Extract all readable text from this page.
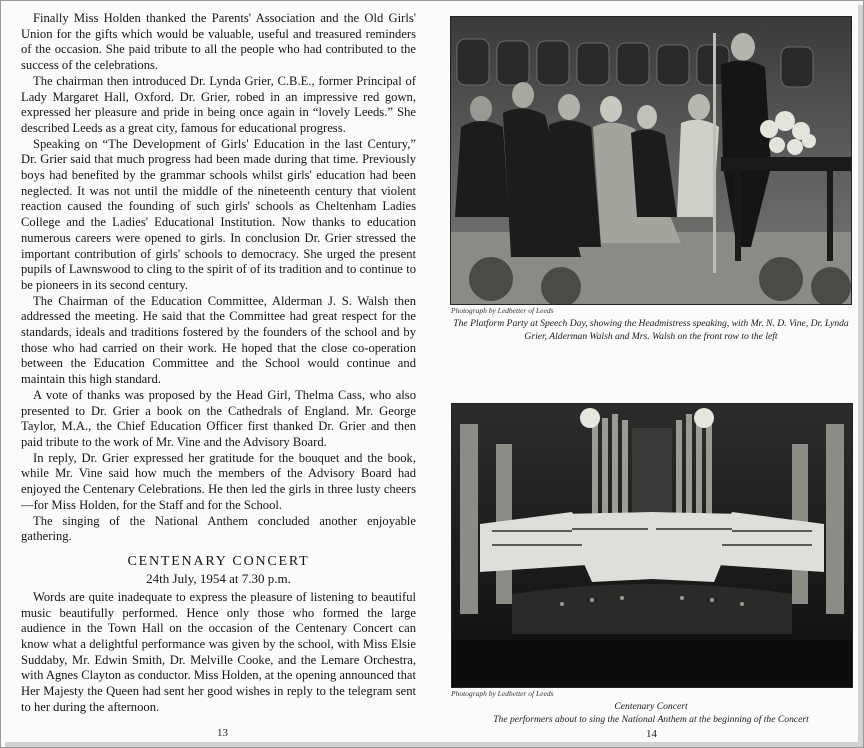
Finally Miss Holden thanked the Parents' Association and the Old Girls' Union for the gifts which would be valuable, useful and treasured reminders of the occasion. She paid tribute to all the people who had contributed to the success of the celebrations.

The chairman then introduced Dr. Lynda Grier, C.B.E., former Principal of Lady Margaret Hall, Oxford. Dr. Grier, robed in an impressive red gown, expressed her pleasure and pride in being once again in “lovely Leeds.” She described Leeds as a great city, famous for educational progress.

Speaking on “The Development of Girls' Education in the last Century,” Dr. Grier said that much progress had been made during that time. Previously boys had benefited by the grammar schools whilst girls' education had been neglected. It was not until the middle of the nineteenth century that violent reaction caused the founding of such girls' schools as Cheltenham Ladies College and the Ladies' Educational Institution. Now thanks to education numerous careers were opened to girls. In conclusion Dr. Grier stressed the important contribution of girls' schools to democracy. She urged the present pupils of Lawnswood to cling to the spirit of of its tradition and to continue to be pioneers in its second century.

The Chairman of the Education Committee, Alderman J. S. Walsh then addressed the meeting. He said that the Committee had great respect for the standards, ideals and traditions fostered by the founders of the school and by those who had carried on their work. He hoped that the close co-operation between the Education Committee and the School would continue and maintain this high standard.

A vote of thanks was proposed by the Head Girl, Thelma Cass, who also presented to Dr. Grier a book on the Cathedrals of England. Mr. George Taylor, M.A., the Chief Education Officer first thanked Dr. Grier and then paid tribute to the work of Mr. Vine and the Advisory Board.

In reply, Dr. Grier expressed her gratitude for the bouquet and the book, while Mr. Vine said how much the members of the Advisory Board had enjoyed the Centenary Celebrations. He then led the girls in three lusty cheers—for Miss Holden, for the Staff and for the School.

The singing of the National Anthem concluded another enjoyable gathering.

CENTENARY CONCERT
24th July, 1954 at 7.30 p.m.

Words are quite inadequate to express the pleasure of listening to beautiful music beautifully performed. Hence only those who formed the large audience in the Town Hall on the occasion of the Centenary Concert can know what a delightful performance was given by the school, with Miss Elsie Suddaby, Mr. Edwin Smith, Dr. Melville Cooke, and the Lemare Orchestra, with Agnes Clayton as conductor. Miss Holden, at the opening announced that Her Majesty the Queen had sent her good wishes in reply to the telegram sent to her during the afternoon.

13
Photograph by Ledbetter of Leeds
The Platform Party at Speech Day, showing the Headmistress speaking, with Mr. N. D. Vine, Dr. Lynda Grier, Alderman Walsh and Mrs. Walsh on the front row to the left
Photograph by Ledbetter of Leeds
Centenary Concert
The performers about to sing the National Anthem at the beginning of the Concert
14
